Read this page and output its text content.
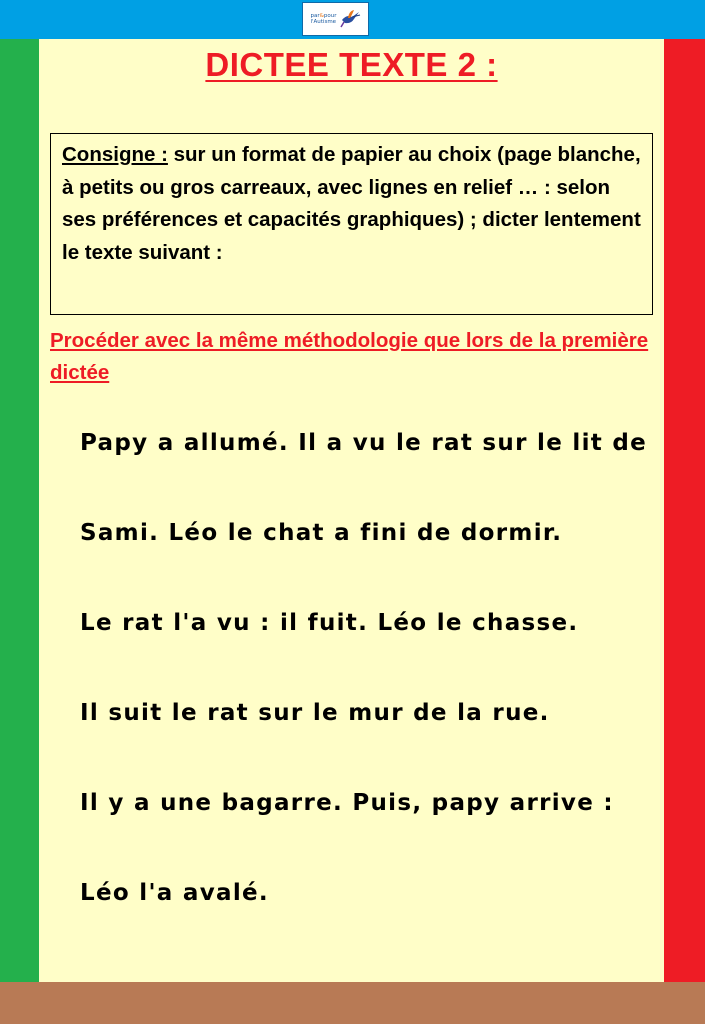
par&pour
l'Autisme
DICTEE TEXTE 2 :
Consigne : sur un format de papier au choix (page blanche, à petits ou gros carreaux, avec lignes en relief … : selon ses préférences et capacités graphiques) ; dicter lentement le texte suivant :

Procéder avec la même méthodologie que lors de la première dictée

Papy a allumé. Il a vu le rat sur le lit de
Sami. Léo le chat a fini de dormir.
Le rat l'a vu : il fuit. Léo le chasse.
Il suit le rat sur le mur de la rue.
Il y a une bagarre. Puis, papy arrive :
Léo l'a avalé.
